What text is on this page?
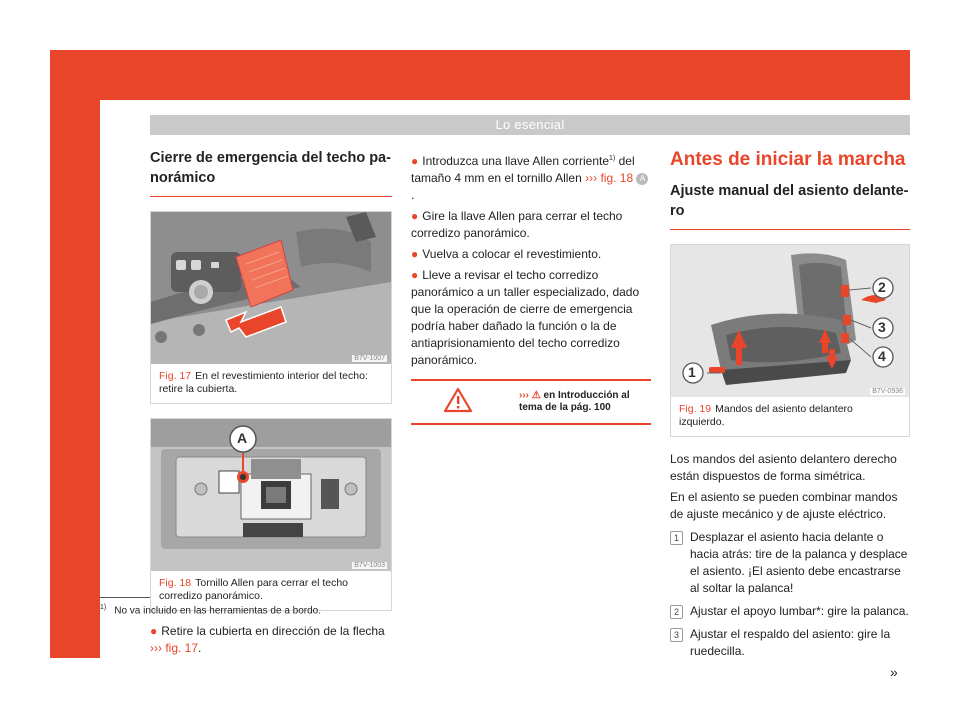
Lo esencial
Cierre de emergencia del techo pa-
norámico
B7V-1007
Fig. 17 En el revestimiento interior del techo: retire la cubierta.
A
B7V-1003
Fig. 18 Tornillo Allen para cerrar el techo corredizo panorámico.
● Retire la cubierta en dirección de la flecha
››› fig. 17.
● Introduzca una llave Allen corriente$^{1)}$ del tamaño 4 mm en el tornillo Allen ››› fig. 18 A.
● Gire la llave Allen para cerrar el techo corredizo panorámico.
● Vuelva a colocar el revestimiento.
● Lleve a revisar el techo corredizo panorámico a un taller especializado, dado que la operación de cierre de emergencia podría haber dañado la función o la de antiaprisionamiento del techo corredizo panorámico.
››› ⚠ en Introducción al tema de la pág. 100
Antes de iniciar la marcha
Ajuste manual del asiento delante-
ro
1
2
3
4
B7V-0936
Fig. 19 Mandos del asiento delantero izquierdo.

Los mandos del asiento delantero derecho están dispuestos de forma simétrica.

En el asiento se pueden combinar mandos de ajuste mecánico y de ajuste eléctrico.

1 Desplazar el asiento hacia delante o hacia atrás: tire de la palanca y desplace el asiento. ¡El asiento debe encastrarse al soltar la palanca!
2 Ajustar el apoyo lumbar*: gire la palanca.
3 Ajustar el respaldo del asiento: gire la ruedecilla.
»
$^{1)}$ No va incluido en las herramientas de a bordo.
15
